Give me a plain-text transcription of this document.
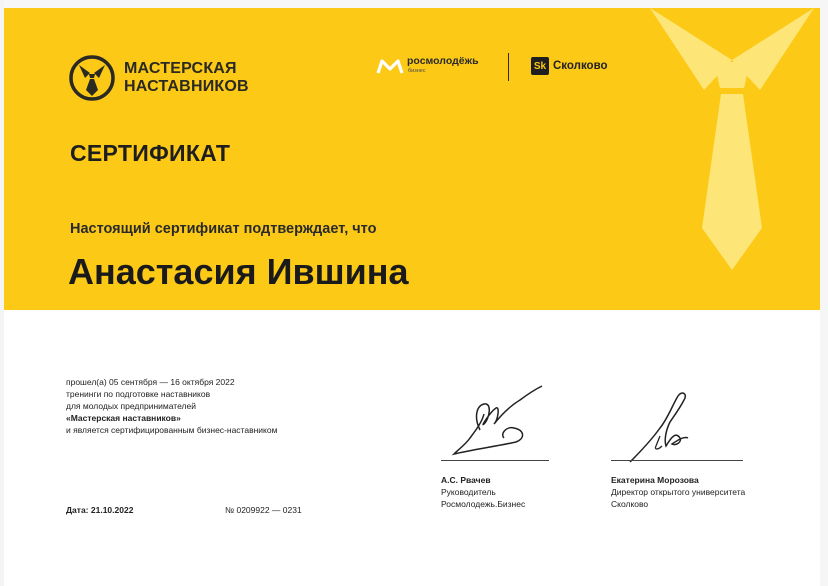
МАСТЕРСКАЯ
НАСТАВНИКОВ
росмолодёжь
бизнес	Sk Сколково
СЕРТИФИКАТ
Настоящий сертификат подтверждает, что
Анастасия Ившина
прошел(а) 05 сентября — 16 октября 2022
тренинги по подготовке наставников
для молодых предпринимателей
«Мастерская наставников»
и является сертифицированным бизнес-наставником
А.С. Рвачев
Руководитель
Росмолодежь.Бизнес
Екатерина Морозова
Директор открытого университета
Сколково
Дата: 21.10.2022	№ 0209922 — 0231
